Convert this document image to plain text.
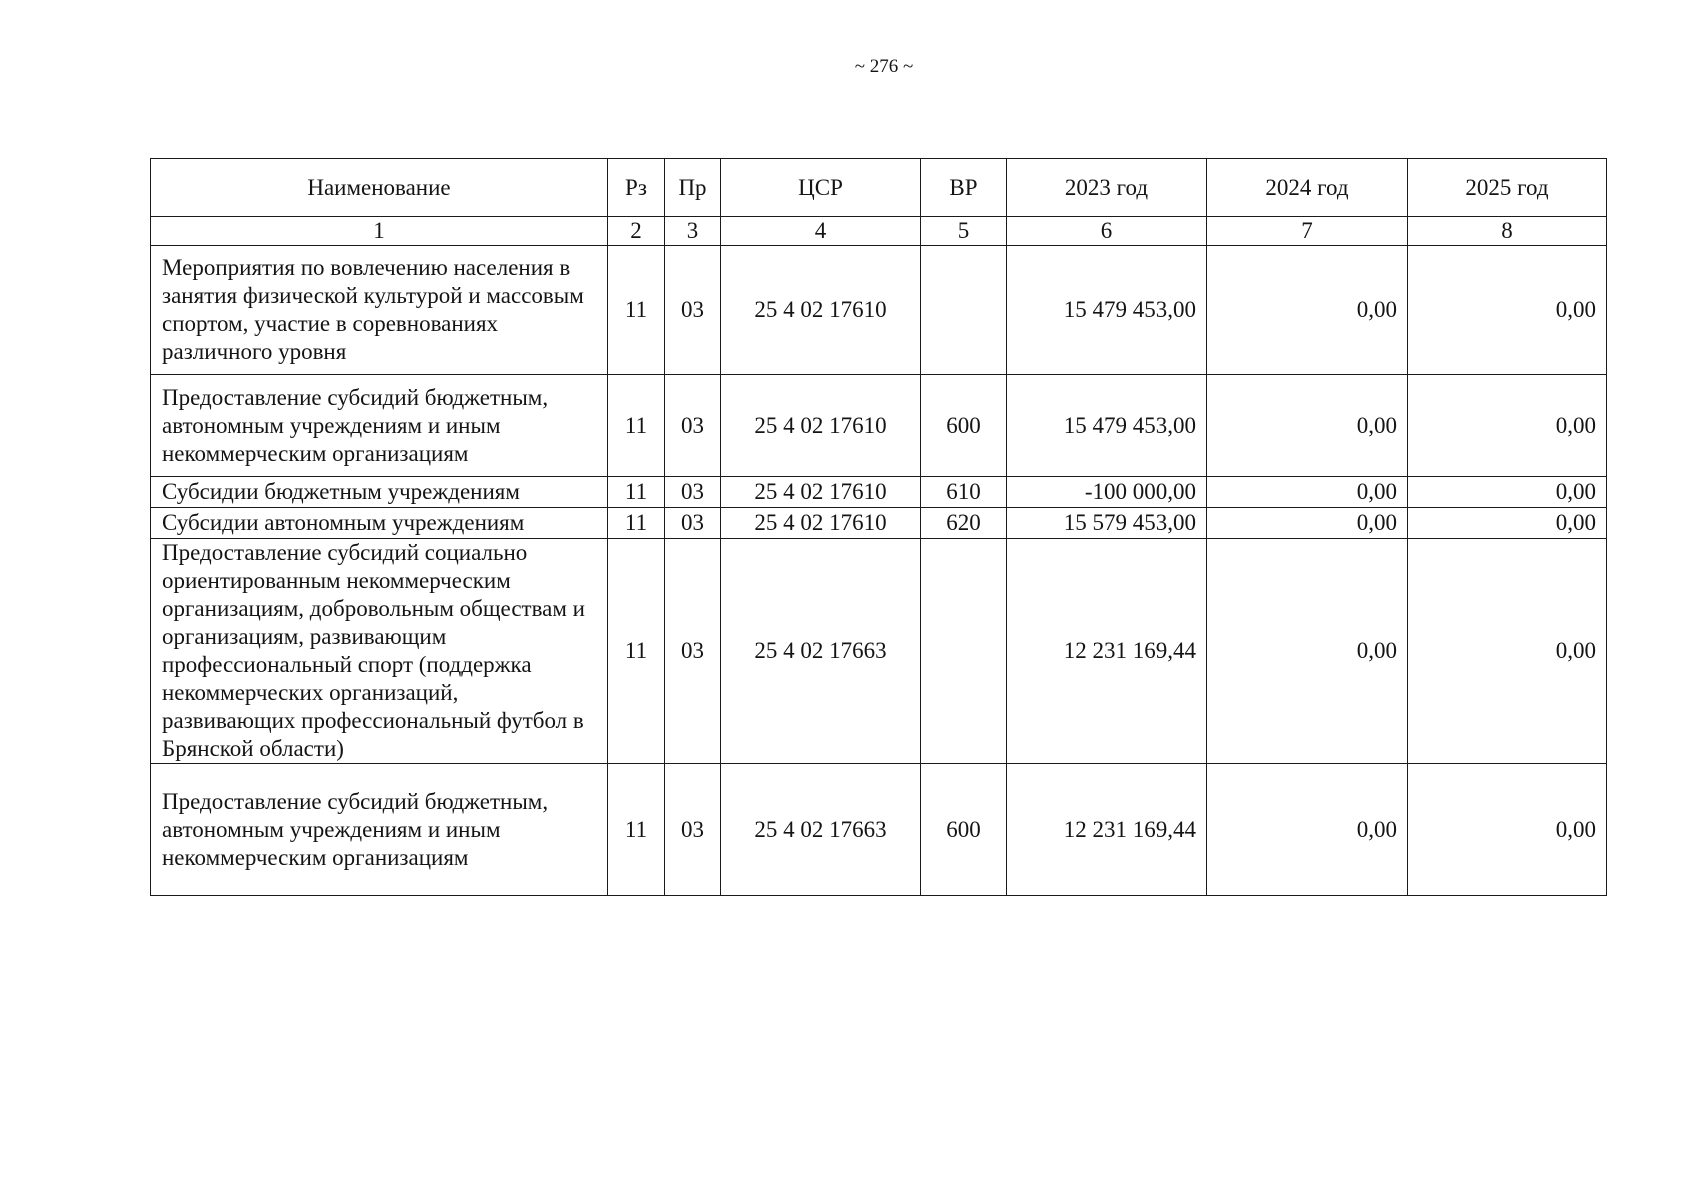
~ 276 ~
Наименование	Рз	Пр	ЦСР	ВР	2023 год	2024 год	2025 год
1	2	3	4	5	6	7	8
Мероприятия по вовлечению населения в занятия физической культурой и массовым спортом, участие в соревнованиях различного уровня	11	03	25 4 02 17610		15 479 453,00	0,00	0,00
Предоставление субсидий бюджетным, автономным учреждениям и иным некоммерческим организациям	11	03	25 4 02 17610	600	15 479 453,00	0,00	0,00
Субсидии бюджетным учреждениям	11	03	25 4 02 17610	610	-100 000,00	0,00	0,00
Субсидии автономным учреждениям	11	03	25 4 02 17610	620	15 579 453,00	0,00	0,00
Предоставление субсидий социально ориентированным некоммерческим организациям, добровольным обществам и организациям, развивающим профессиональный спорт (поддержка некоммерческих организаций, развивающих профессиональный футбол в Брянской области)	11	03	25 4 02 17663		12 231 169,44	0,00	0,00
Предоставление субсидий бюджетным, автономным учреждениям и иным некоммерческим организациям	11	03	25 4 02 17663	600	12 231 169,44	0,00	0,00
